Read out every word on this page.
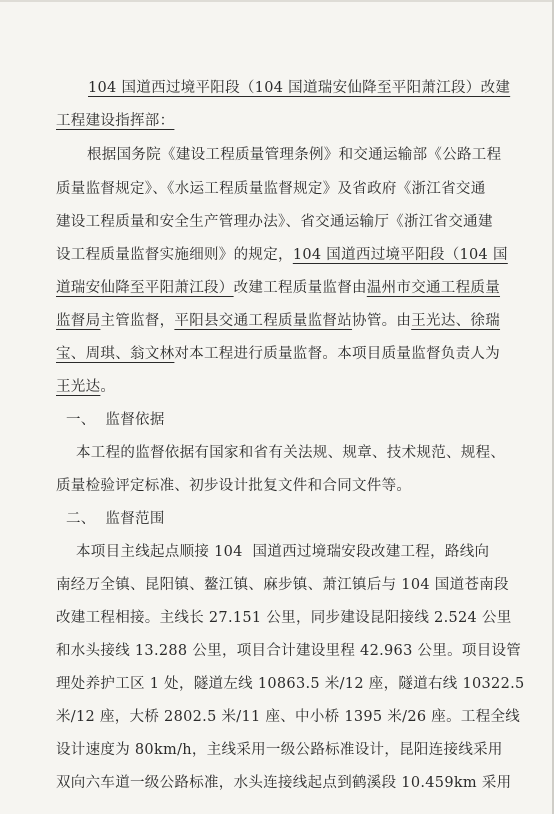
104 国道西过境平阳段（104 国道瑞安仙降至平阳萧江段）改建
工程建设指挥部：
根据国务院《建设工程质量管理条例》和交通运输部《公路工程
质量监督规定》、《水运工程质量监督规定》及省政府《浙江省交通
建设工程质量和安全生产管理办法》、省交通运输厅《浙江省交通建
设工程质量监督实施细则》的规定，104 国道西过境平阳段（104 国
道瑞安仙降至平阳萧江段）改建工程质量监督由温州市交通工程质量
监督局主管监督，平阳县交通工程质量监督站协管。由王光达、徐瑞
宝、周琪、翁文林对本工程进行质量监督。本项目质量监督负责人为
王光达。
一、  监督依据
本工程的监督依据有国家和省有关法规、规章、技术规范、规程、
质量检验评定标准、初步设计批复文件和合同文件等。
二、  监督范围
本项目主线起点顺接 104  国道西过境瑞安段改建工程，路线向
南经万全镇、昆阳镇、鳌江镇、麻步镇、萧江镇后与 104 国道苍南段
改建工程相接。主线长 27.151 公里，同步建设昆阳接线 2.524 公里
和水头接线 13.288 公里，项目合计建设里程 42.963 公里。项目设管
理处养护工区 1 处，隧道左线 10863.5 米/12 座，隧道右线 10322.5
米/12 座，大桥 2802.5 米/11 座、中小桥 1395 米/26 座。工程全线
设计速度为 80km/h，主线采用一级公路标准设计，昆阳连接线采用
双向六车道一级公路标准，水头连接线起点到鹤溪段 10.459km 采用
